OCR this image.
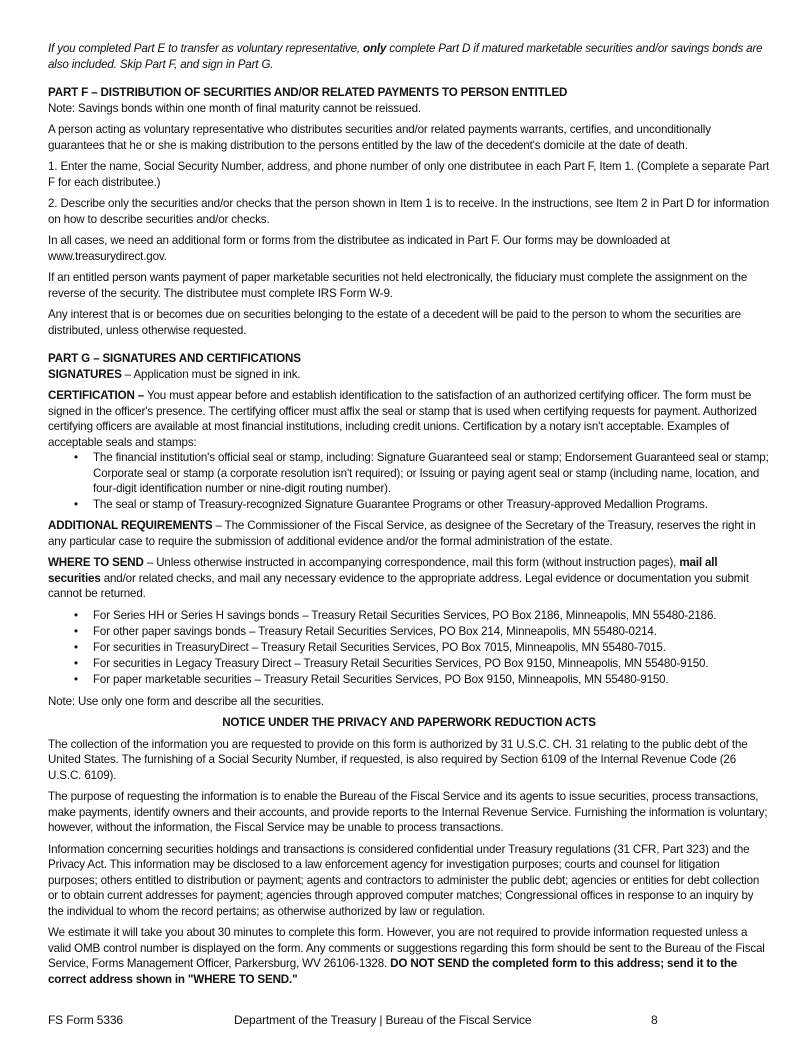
If you completed Part E to transfer as voluntary representative, only complete Part D if matured marketable securities and/or savings bonds are also included. Skip Part F, and sign in Part G.

PART F – DISTRIBUTION OF SECURITIES AND/OR RELATED PAYMENTS TO PERSON ENTITLED

Note: Savings bonds within one month of final maturity cannot be reissued.

A person acting as voluntary representative who distributes securities and/or related payments warrants, certifies, and unconditionally guarantees that he or she is making distribution to the persons entitled by the law of the decedent's domicile at the date of death.

1. Enter the name, Social Security Number, address, and phone number of only one distributee in each Part F, Item 1. (Complete a separate Part F for each distributee.)

2. Describe only the securities and/or checks that the person shown in Item 1 is to receive. In the instructions, see Item 2 in Part D for information on how to describe securities and/or checks.

In all cases, we need an additional form or forms from the distributee as indicated in Part F. Our forms may be downloaded at www.treasurydirect.gov.

If an entitled person wants payment of paper marketable securities not held electronically, the fiduciary must complete the assignment on the reverse of the security. The distributee must complete IRS Form W-9.

Any interest that is or becomes due on securities belonging to the estate of a decedent will be paid to the person to whom the securities are distributed, unless otherwise requested.

PART G – SIGNATURES AND CERTIFICATIONS

SIGNATURES – Application must be signed in ink.

CERTIFICATION – You must appear before and establish identification to the satisfaction of an authorized certifying officer. The form must be signed in the officer's presence. The certifying officer must affix the seal or stamp that is used when certifying requests for payment. Authorized certifying officers are available at most financial institutions, including credit unions. Certification by a notary isn't acceptable. Examples of acceptable seals and stamps:

• The financial institution's official seal or stamp, including: Signature Guaranteed seal or stamp; Endorsement Guaranteed seal or stamp; Corporate seal or stamp (a corporate resolution isn't required); or Issuing or paying agent seal or stamp (including name, location, and four-digit identification number or nine-digit routing number).
• The seal or stamp of Treasury-recognized Signature Guarantee Programs or other Treasury-approved Medallion Programs.

ADDITIONAL REQUIREMENTS – The Commissioner of the Fiscal Service, as designee of the Secretary of the Treasury, reserves the right in any particular case to require the submission of additional evidence and/or the formal administration of the estate.

WHERE TO SEND – Unless otherwise instructed in accompanying correspondence, mail this form (without instruction pages), mail all securities and/or related checks, and mail any necessary evidence to the appropriate address. Legal evidence or documentation you submit cannot be returned.

• For Series HH or Series H savings bonds – Treasury Retail Securities Services, PO Box 2186, Minneapolis, MN 55480-2186.
• For other paper savings bonds – Treasury Retail Securities Services, PO Box 214, Minneapolis, MN 55480-0214.
• For securities in TreasuryDirect – Treasury Retail Securities Services, PO Box 7015, Minneapolis, MN 55480-7015.
• For securities in Legacy Treasury Direct – Treasury Retail Securities Services, PO Box 9150, Minneapolis, MN 55480-9150.
• For paper marketable securities – Treasury Retail Securities Services, PO Box 9150, Minneapolis, MN 55480-9150.

Note: Use only one form and describe all the securities.

NOTICE UNDER THE PRIVACY AND PAPERWORK REDUCTION ACTS

The collection of the information you are requested to provide on this form is authorized by 31 U.S.C. CH. 31 relating to the public debt of the United States. The furnishing of a Social Security Number, if requested, is also required by Section 6109 of the Internal Revenue Code (26 U.S.C. 6109).

The purpose of requesting the information is to enable the Bureau of the Fiscal Service and its agents to issue securities, process transactions, make payments, identify owners and their accounts, and provide reports to the Internal Revenue Service. Furnishing the information is voluntary; however, without the information, the Fiscal Service may be unable to process transactions.

Information concerning securities holdings and transactions is considered confidential under Treasury regulations (31 CFR, Part 323) and the Privacy Act. This information may be disclosed to a law enforcement agency for investigation purposes; courts and counsel for litigation purposes; others entitled to distribution or payment; agents and contractors to administer the public debt; agencies or entities for debt collection or to obtain current addresses for payment; agencies through approved computer matches; Congressional offices in response to an inquiry by the individual to whom the record pertains; as otherwise authorized by law or regulation.

We estimate it will take you about 30 minutes to complete this form. However, you are not required to provide information requested unless a valid OMB control number is displayed on the form. Any comments or suggestions regarding this form should be sent to the Bureau of the Fiscal Service, Forms Management Officer, Parkersburg, WV 26106-1328. DO NOT SEND the completed form to this address; send it to the correct address shown in "WHERE TO SEND."

FS Form 5336	Department of the Treasury | Bureau of the Fiscal Service	8
